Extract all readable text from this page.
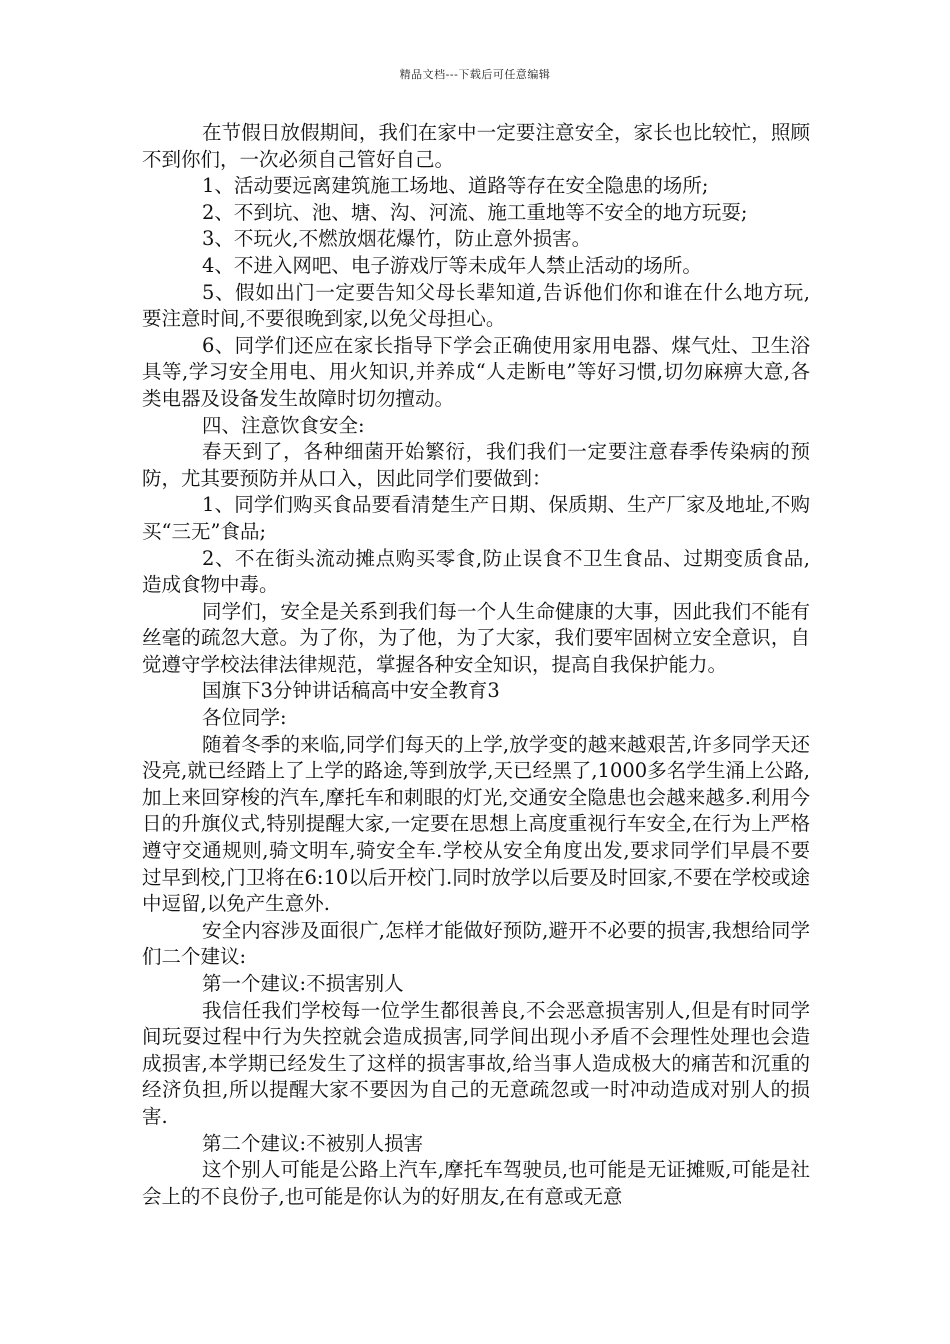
精品文档---下载后可任意编辑

在节假日放假期间，我们在家中一定要注意安全，家长也比较忙，照顾不到你们，一次必须自己管好自己。

1、活动要远离建筑施工场地、道路等存在安全隐患的场所;

2、不到坑、池、塘、沟、河流、施工重地等不安全的地方玩耍;

3、不玩火,不燃放烟花爆竹，防止意外损害。

4、不进入网吧、电子游戏厅等未成年人禁止活动的场所。

5、假如出门一定要告知父母长辈知道,告诉他们你和谁在什么地方玩,要注意时间,不要很晚到家,以免父母担心。

6、同学们还应在家长指导下学会正确使用家用电器、煤气灶、卫生浴具等,学习安全用电、用火知识,并养成“人走断电”等好习惯,切勿麻痹大意,各类电器及设备发生故障时切勿擅动。

四、注意饮食安全:

春天到了，各种细菌开始繁衍，我们我们一定要注意春季传染病的预防，尤其要预防并从口入，因此同学们要做到：

1、同学们购买食品要看清楚生产日期、保质期、生产厂家及地址,不购买“三无”食品;

2、不在街头流动摊点购买零食,防止误食不卫生食品、过期变质食品,造成食物中毒。

同学们，安全是关系到我们每一个人生命健康的大事，因此我们不能有丝毫的疏忽大意。为了你，为了他，为了大家，我们要牢固树立安全意识，自觉遵守学校法律法律规范，掌握各种安全知识，提高自我保护能力。

国旗下3分钟讲话稿高中安全教育3

各位同学:

随着冬季的来临,同学们每天的上学,放学变的越来越艰苦,许多同学天还没亮,就已经踏上了上学的路途,等到放学,天已经黑了,1000多名学生涌上公路,加上来回穿梭的汽车,摩托车和刺眼的灯光,交通安全隐患也会越来越多.利用今日的升旗仪式,特别提醒大家,一定要在思想上高度重视行车安全,在行为上严格遵守交通规则,骑文明车,骑安全车.学校从安全角度出发,要求同学们早晨不要过早到校,门卫将在6:10以后开校门.同时放学以后要及时回家,不要在学校或途中逗留,以免产生意外.

安全内容涉及面很广,怎样才能做好预防,避开不必要的损害,我想给同学们二个建议:

第一个建议:不损害别人

我信任我们学校每一位学生都很善良,不会恶意损害别人,但是有时同学间玩耍过程中行为失控就会造成损害,同学间出现小矛盾不会理性处理也会造成损害,本学期已经发生了这样的损害事故,给当事人造成极大的痛苦和沉重的经济负担,所以提醒大家不要因为自己的无意疏忽或一时冲动造成对别人的损害.

第二个建议:不被别人损害

这个别人可能是公路上汽车,摩托车驾驶员,也可能是无证摊贩,可能是社会上的不良份子,也可能是你认为的好朋友,在有意或无意
